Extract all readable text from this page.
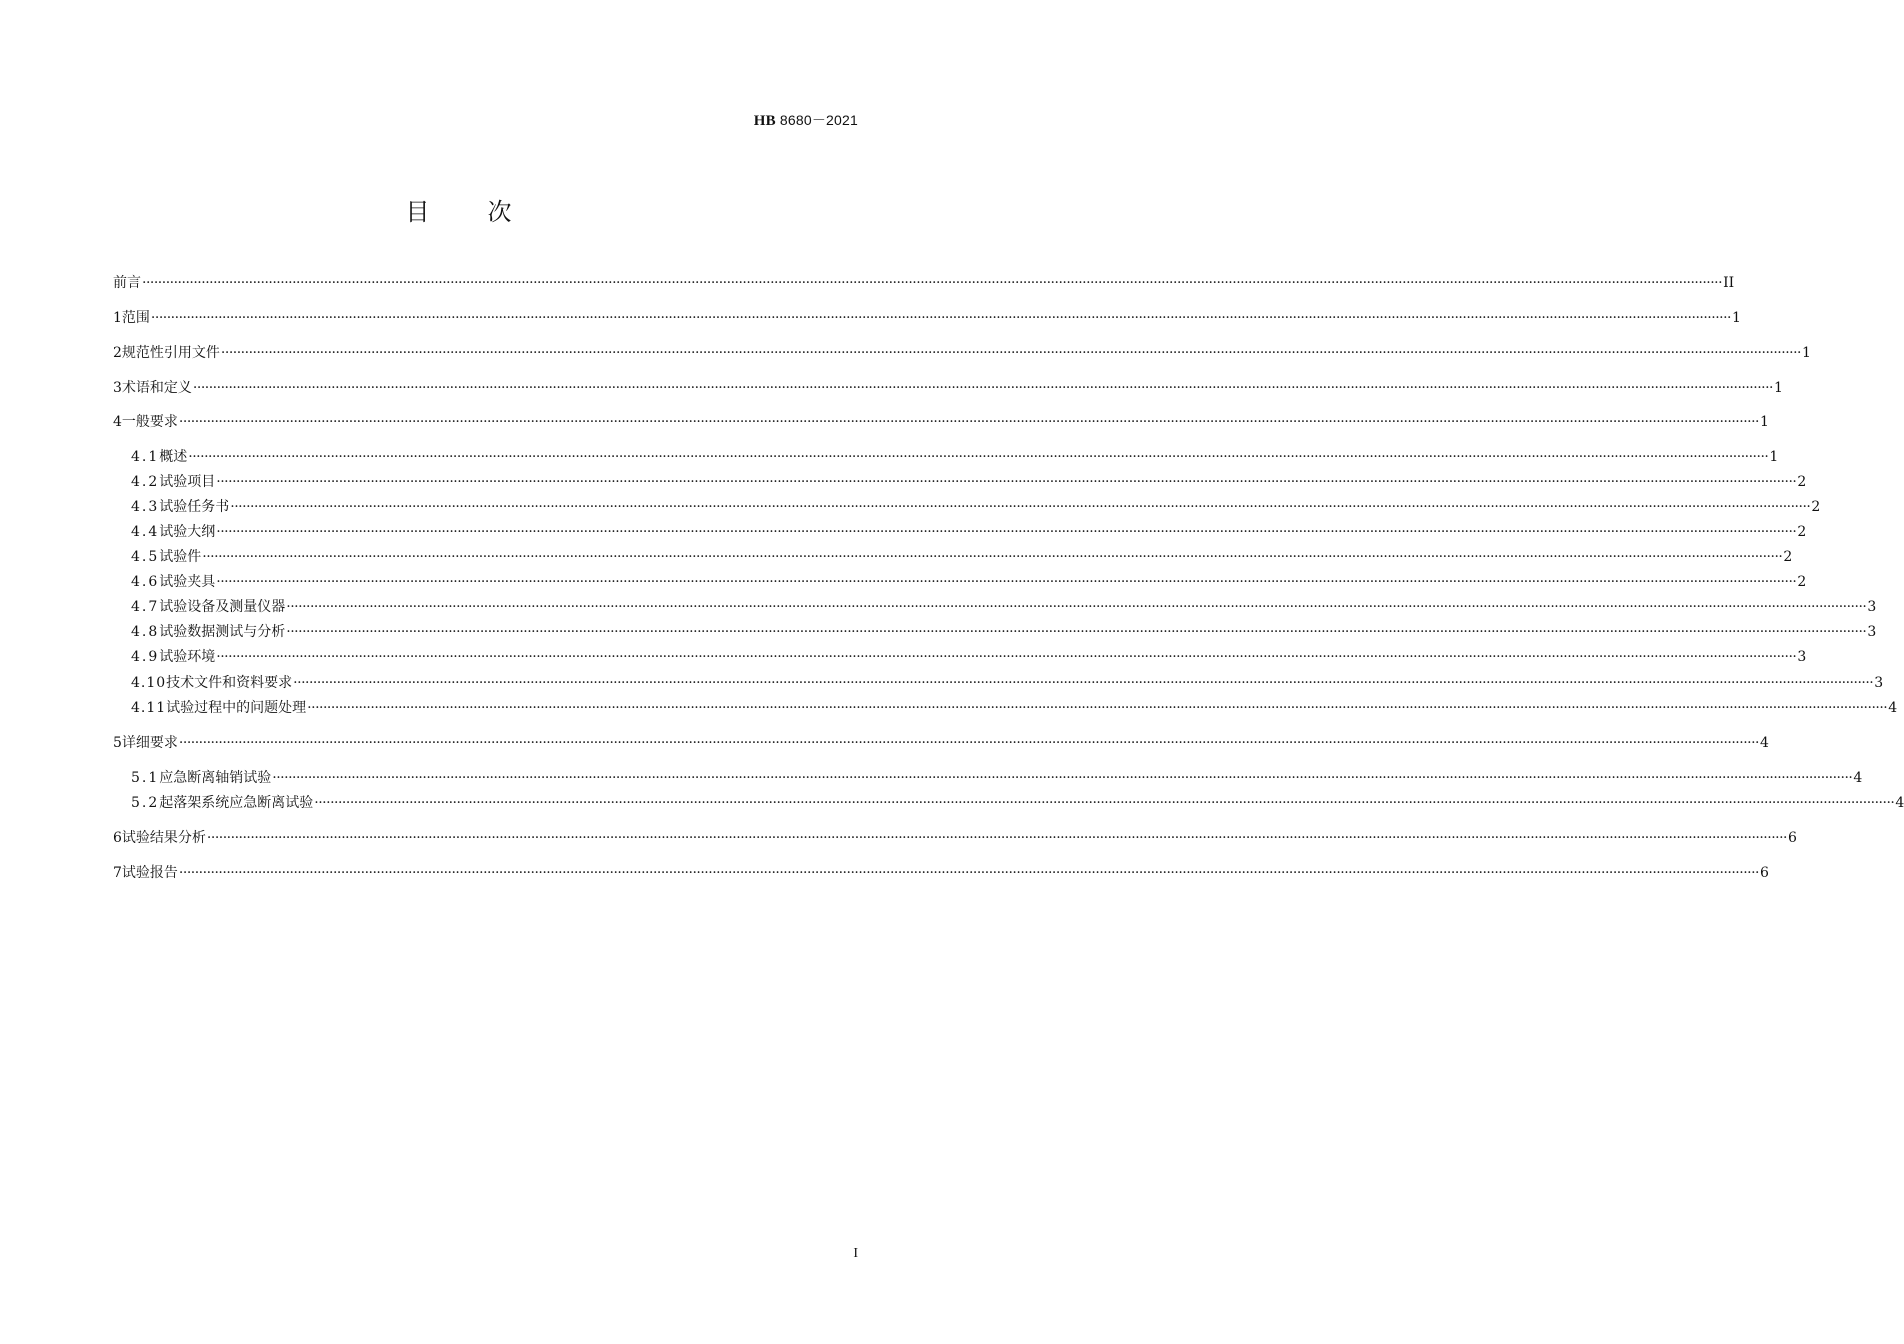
HB 8680－2021
目次
前言 ················································································································································································································································································································································································································ II
1 范围 ················································································································································································································································································································································································································ 1
2 规范性引用文件 ················································································································································································································································································································································································································ 1
3 术语和定义 ················································································································································································································································································································································································································ 1
4 一般要求 ················································································································································································································································································································································································································ 1
4.1 概述 ················································································································································································································································································································································································································ 1
4.2 试验项目 ················································································································································································································································································································································································································ 2
4.3 试验任务书 ················································································································································································································································································································································································································ 2
4.4 试验大纲 ················································································································································································································································································································································································································ 2
4.5 试验件 ················································································································································································································································································································································································································ 2
4.6 试验夹具 ················································································································································································································································································································································································································ 2
4.7 试验设备及测量仪器 ················································································································································································································································································································································································································ 3
4.8 试验数据测试与分析 ················································································································································································································································································································································································································ 3
4.9 试验环境 ················································································································································································································································································································································································································ 3
4.10 技术文件和资料要求 ················································································································································································································································································································································································································ 3
4.11 试验过程中的问题处理 ················································································································································································································································································································································································································ 4
5 详细要求 ················································································································································································································································································································································································································ 4
5.1 应急断离轴销试验 ················································································································································································································································································································································································································ 4
5.2 起落架系统应急断离试验 ················································································································································································································································································································································································································ 4
6 试验结果分析 ················································································································································································································································································································································································································ 6
7 试验报告 ················································································································································································································································································································································································································ 6
I
